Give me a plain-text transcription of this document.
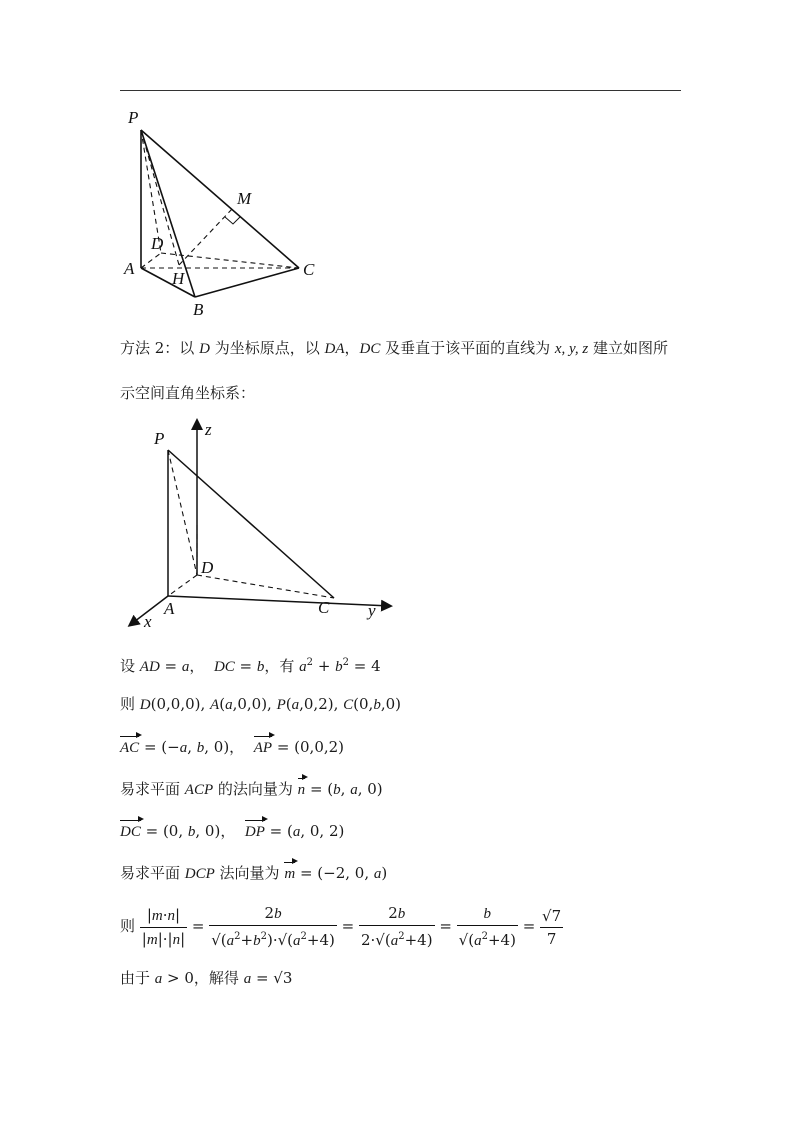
P
M
D
A
H	C
B
方法 2：以 D 为坐标原点，以 DA，DC 及垂直于该平面的直线为 x, y, z 建立如图所
示空间直角坐标系：
P z
D
A	C y
x
设 AD = a，  DC = b，有 $a^2 + b^2 = 4$
则 D(0,0,0), A(a,0,0), P(a,0,2), C(0,b,0)
AC = (−a, b, 0)，  AP = (0,0,2)
易求平面 ACP 的法向量为 n = (b, a, 0)
DC = (0, b, 0)，  DP = (a, 0, 2)
易求平面 DCP 法向量为 m = (−2, 0, a)
则 $\frac{|m\cdot n|}{|m|\cdot|n|} = \frac{2b}{√(a^2+b^2)\cdot√(a^2+4)} = \frac{2b}{2\cdot√(a^2+4)} = \frac{b}{√(a^2+4)} = \frac{√7}{7}$
由于 a > 0，解得 a = √3
